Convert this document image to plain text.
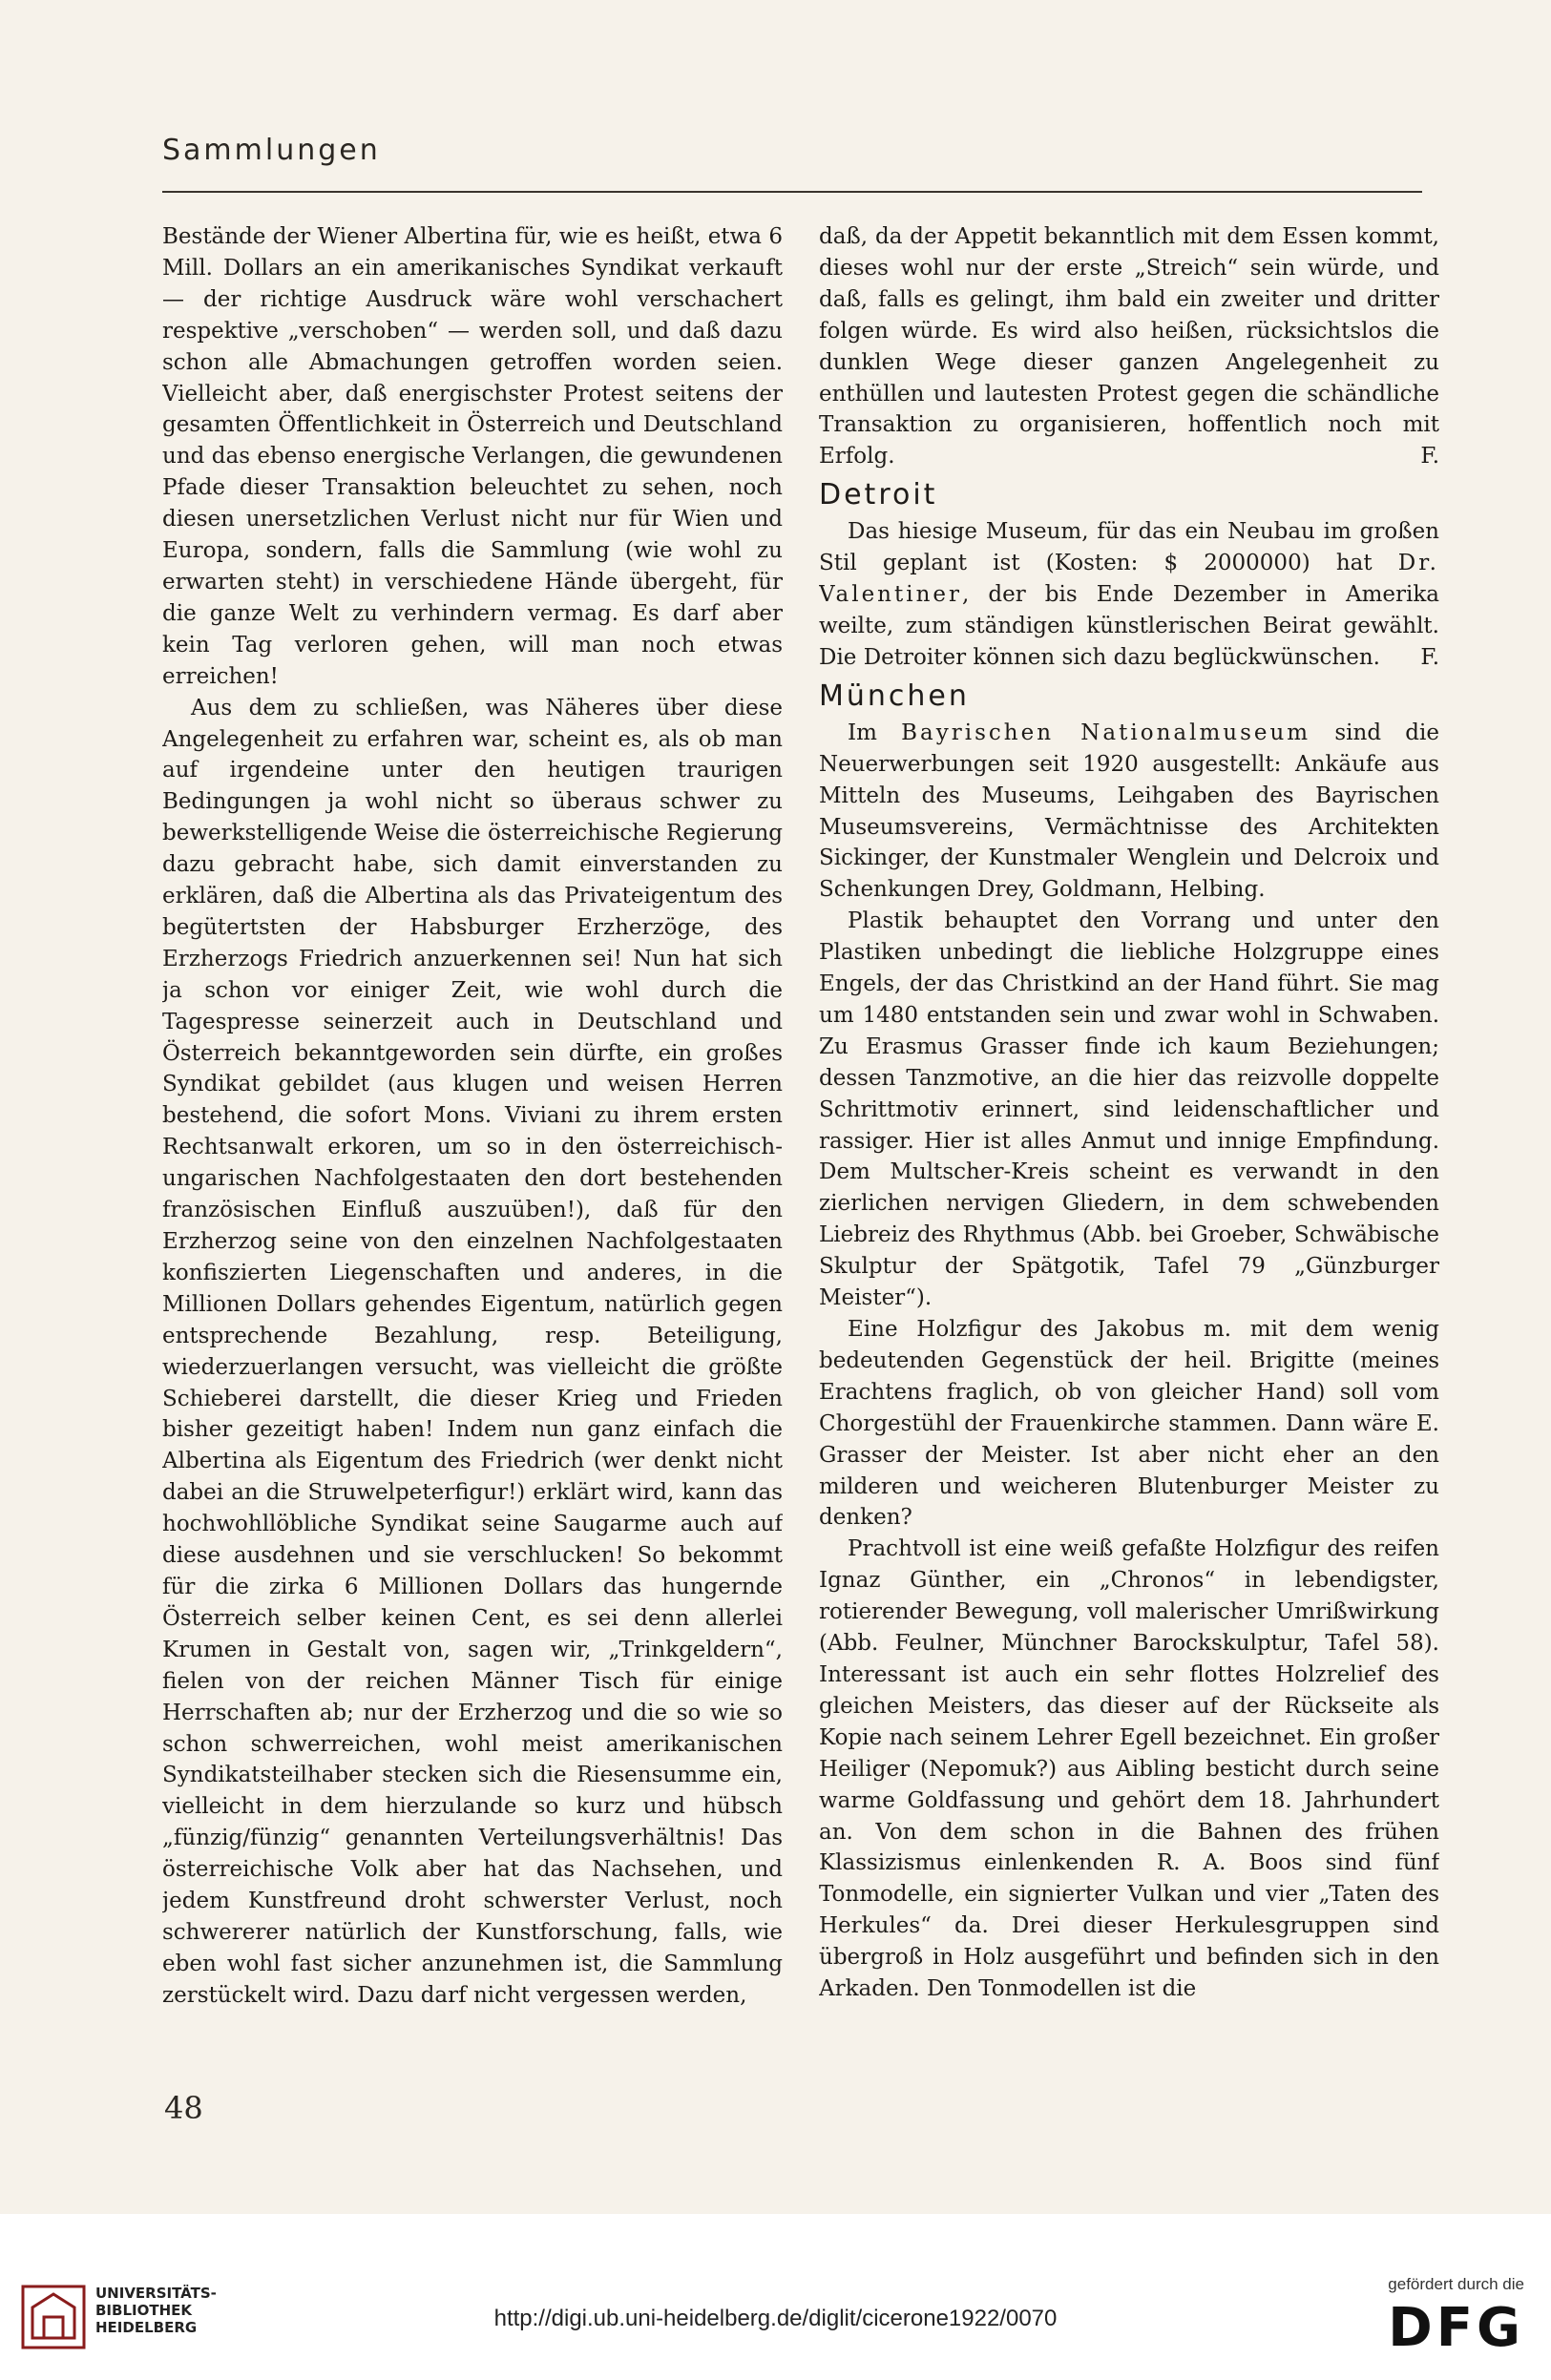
Sammlungen

Bestände der Wiener Albertina für, wie es heißt, etwa 6 Mill. Dollars an ein amerikanisches Syndikat verkauft — der richtige Ausdruck wäre wohl verschachert respektive „verschoben“ — werden soll, und daß dazu schon alle Abmachungen getroffen worden seien. Vielleicht aber, daß energischster Protest seitens der gesamten Öffentlichkeit in Österreich und Deutschland und das ebenso energische Verlangen, die gewundenen Pfade dieser Transaktion beleuchtet zu sehen, noch diesen unersetzlichen Verlust nicht nur für Wien und Europa, sondern, falls die Sammlung (wie wohl zu erwarten steht) in verschiedene Hände übergeht, für die ganze Welt zu verhindern vermag. Es darf aber kein Tag verloren gehen, will man noch etwas erreichen!

Aus dem zu schließen, was Näheres über diese Angelegenheit zu erfahren war, scheint es, als ob man auf irgendeine unter den heutigen traurigen Bedingungen ja wohl nicht so überaus schwer zu bewerkstelligende Weise die österreichische Regierung dazu gebracht habe, sich damit einverstanden zu erklären, daß die Albertina als das Privateigentum des begütertsten der Habsburger Erzherzöge, des Erzherzogs Friedrich anzuerkennen sei! Nun hat sich ja schon vor einiger Zeit, wie wohl durch die Tagespresse seinerzeit auch in Deutschland und Österreich bekanntgeworden sein dürfte, ein großes Syndikat gebildet (aus klugen und weisen Herren bestehend, die sofort Mons. Viviani zu ihrem ersten Rechtsanwalt erkoren, um so in den österreichisch-ungarischen Nachfolgestaaten den dort bestehenden französischen Einfluß auszuüben!), daß für den Erzherzog seine von den einzelnen Nachfolgestaaten konfiszierten Liegenschaften und anderes, in die Millionen Dollars gehendes Eigentum, natürlich gegen entsprechende Bezahlung, resp. Beteiligung, wiederzuerlangen versucht, was vielleicht die größte Schieberei darstellt, die dieser Krieg und Frieden bisher gezeitigt haben! Indem nun ganz einfach die Albertina als Eigentum des Friedrich (wer denkt nicht dabei an die Struwelpeterfigur!) erklärt wird, kann das hochwohllöbliche Syndikat seine Saugarme auch auf diese ausdehnen und sie verschlucken! So bekommt für die zirka 6 Millionen Dollars das hungernde Österreich selber keinen Cent, es sei denn allerlei Krumen in Gestalt von, sagen wir, „Trinkgeldern“, fielen von der reichen Männer Tisch für einige Herrschaften ab; nur der Erzherzog und die so wie so schon schwerreichen, wohl meist amerikanischen Syndikatsteilhaber stecken sich die Riesensumme ein, vielleicht in dem hierzulande so kurz und hübsch „fünzig/fünzig“ genannten Verteilungsverhältnis! Das österreichische Volk aber hat das Nachsehen, und jedem Kunstfreund droht schwerster Verlust, noch schwererer natürlich der Kunstforschung, falls, wie eben wohl fast sicher anzunehmen ist, die Sammlung zerstückelt wird. Dazu darf nicht vergessen werden,

daß, da der Appetit bekanntlich mit dem Essen kommt, dieses wohl nur der erste „Streich“ sein würde, und daß, falls es gelingt, ihm bald ein zweiter und dritter folgen würde. Es wird also heißen, rücksichtslos die dunklen Wege dieser ganzen Angelegenheit zu enthüllen und lautesten Protest gegen die schändliche Transaktion zu organisieren, hoffentlich noch mit Erfolg.	F.

Detroit

Das hiesige Museum, für das ein Neubau im großen Stil geplant ist (Kosten: $ 2000000) hat Dr. Valentiner, der bis Ende Dezember in Amerika weilte, zum ständigen künstlerischen Beirat gewählt. Die Detroiter können sich dazu beglückwünschen.	F.

München

Im Bayrischen Nationalmuseum sind die Neuerwerbungen seit 1920 ausgestellt: Ankäufe aus Mitteln des Museums, Leihgaben des Bayrischen Museumsvereins, Vermächtnisse des Architekten Sickinger, der Kunstmaler Wenglein und Delcroix und Schenkungen Drey, Goldmann, Helbing.

Plastik behauptet den Vorrang und unter den Plastiken unbedingt die liebliche Holzgruppe eines Engels, der das Christkind an der Hand führt. Sie mag um 1480 entstanden sein und zwar wohl in Schwaben. Zu Erasmus Grasser finde ich kaum Beziehungen; dessen Tanzmotive, an die hier das reizvolle doppelte Schrittmotiv erinnert, sind leidenschaftlicher und rassiger. Hier ist alles Anmut und innige Empfindung. Dem Multscher-Kreis scheint es verwandt in den zierlichen nervigen Gliedern, in dem schwebenden Liebreiz des Rhythmus (Abb. bei Groeber, Schwäbische Skulptur der Spätgotik, Tafel 79 „Günzburger Meister“).

Eine Holzfigur des Jakobus m. mit dem wenig bedeutenden Gegenstück der heil. Brigitte (meines Erachtens fraglich, ob von gleicher Hand) soll vom Chorgestühl der Frauenkirche stammen. Dann wäre E. Grasser der Meister. Ist aber nicht eher an den milderen und weicheren Blutenburger Meister zu denken?

Prachtvoll ist eine weiß gefaßte Holzfigur des reifen Ignaz Günther, ein „Chronos“ in lebendigster, rotierender Bewegung, voll malerischer Umrißwirkung (Abb. Feulner, Münchner Barockskulptur, Tafel 58). Interessant ist auch ein sehr flottes Holzrelief des gleichen Meisters, das dieser auf der Rückseite als Kopie nach seinem Lehrer Egell bezeichnet. Ein großer Heiliger (Nepomuk?) aus Aibling besticht durch seine warme Goldfassung und gehört dem 18. Jahrhundert an. Von dem schon in die Bahnen des frühen Klassizismus einlenkenden R. A. Boos sind fünf Tonmodelle, ein signierter Vulkan und vier „Taten des Herkules“ da. Drei dieser Herkulesgruppen sind übergroß in Holz ausgeführt und befinden sich in den Arkaden. Den Tonmodellen ist die

48
UNIVERSITÄTS-
BIBLIOTHEK
HEIDELBERG	http://digi.ub.uni-heidelberg.de/diglit/cicerone1922/0070
gefördert durch die
DFG
